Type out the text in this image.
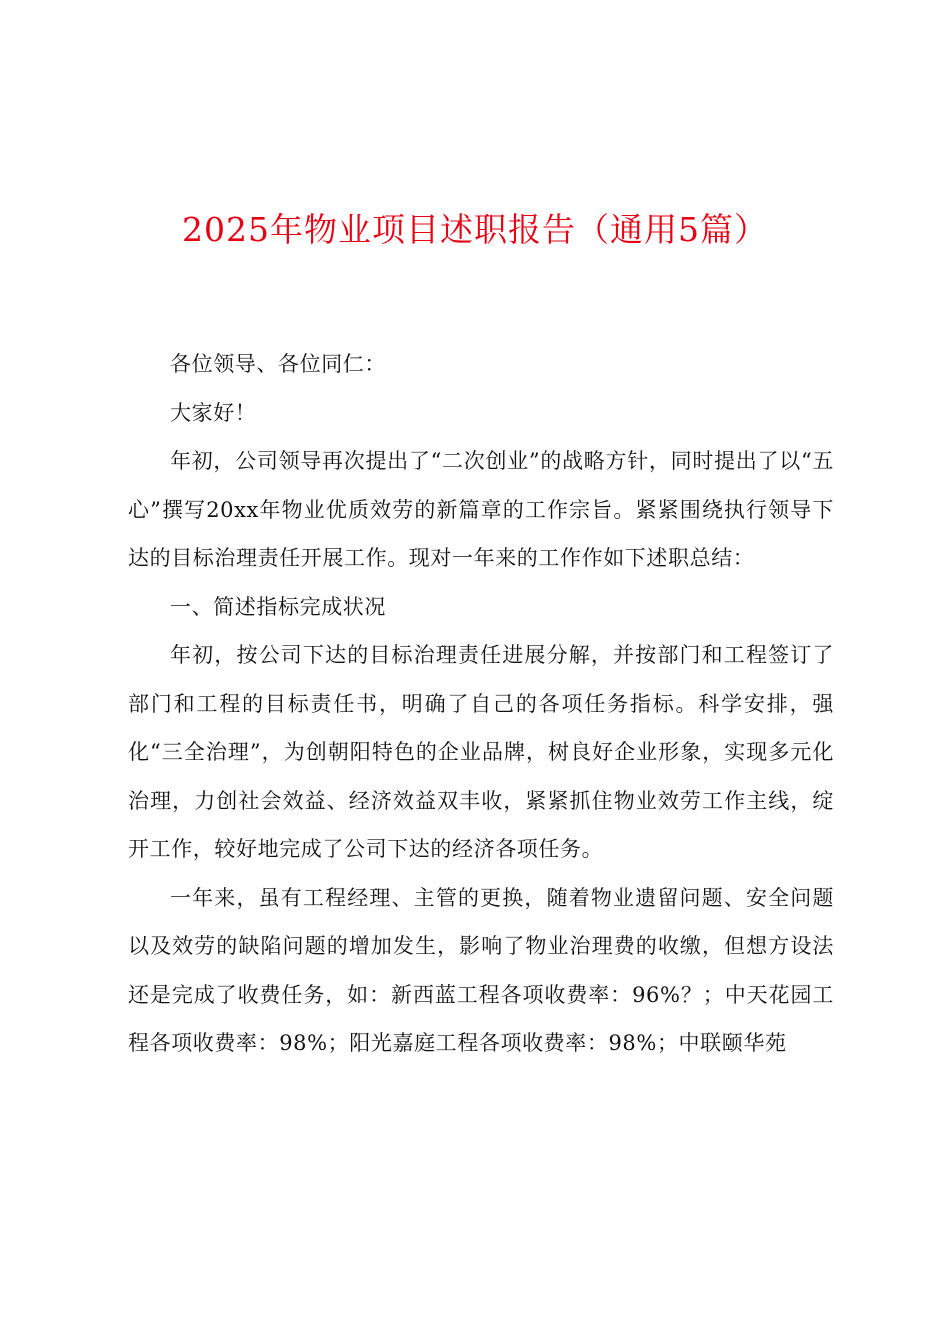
2025年物业项目述职报告（通用5篇）

各位领导、各位同仁：

大家好！

年初，公司领导再次提出了“二次创业”的战略方针，同时提出了以“五心”撰写20xx年物业优质效劳的新篇章的工作宗旨。紧紧围绕执行领导下达的目标治理责任开展工作。现对一年来的工作作如下述职总结：

一、简述指标完成状况

年初，按公司下达的目标治理责任进展分解，并按部门和工程签订了部门和工程的目标责任书，明确了自己的各项任务指标。科学安排，强化“三全治理”，为创朝阳特色的企业品牌，树良好企业形象，实现多元化治理，力创社会效益、经济效益双丰收，紧紧抓住物业效劳工作主线，绽开工作，较好地完成了公司下达的经济各项任务。

一年来，虽有工程经理、主管的更换，随着物业遗留问题、安全问题以及效劳的缺陷问题的增加发生，影响了物业治理费的收缴，但想方设法还是完成了收费任务，如：新西蓝工程各项收费率：96%？；中天花园工程各项收费率：98%；阳光嘉庭工程各项收费率：98%；中联颐华苑
